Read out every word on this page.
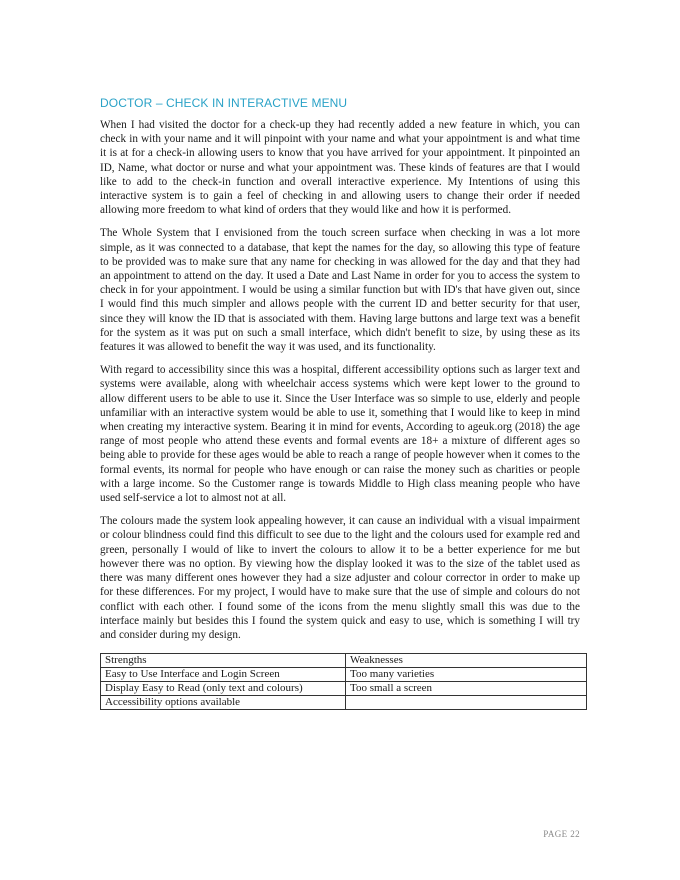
DOCTOR – CHECK IN INTERACTIVE MENU

When I had visited the doctor for a check-up they had recently added a new feature in which, you can check in with your name and it will pinpoint with your name and what your appointment is and what time it is at for a check-in allowing users to know that you have arrived for your appointment. It pinpointed an ID, Name, what doctor or nurse and what your appointment was. These kinds of features are that I would like to add to the check-in function and overall interactive experience. My Intentions of using this interactive system is to gain a feel of checking in and allowing users to change their order if needed allowing more freedom to what kind of orders that they would like and how it is performed.

The Whole System that I envisioned from the touch screen surface when checking in was a lot more simple, as it was connected to a database, that kept the names for the day, so allowing this type of feature to be provided was to make sure that any name for checking in was allowed for the day and that they had an appointment to attend on the day. It used a Date and Last Name in order for you to access the system to check in for your appointment. I would be using a similar function but with ID's that have given out, since I would find this much simpler and allows people with the current ID and better security for that user, since they will know the ID that is associated with them. Having large buttons and large text was a benefit for the system as it was put on such a small interface, which didn't benefit to size, by using these as its features it was allowed to benefit the way it was used, and its functionality.

With regard to accessibility since this was a hospital, different accessibility options such as larger text and systems were available, along with wheelchair access systems which were kept lower to the ground to allow different users to be able to use it. Since the User Interface was so simple to use, elderly and people unfamiliar with an interactive system would be able to use it, something that I would like to keep in mind when creating my interactive system. Bearing it in mind for events, According to ageuk.org (2018) the age range of most people who attend these events and formal events are 18+ a mixture of different ages so being able to provide for these ages would be able to reach a range of people however when it comes to the formal events, its normal for people who have enough or can raise the money such as charities or people with a large income. So the Customer range is towards Middle to High class meaning people who have used self-service a lot to almost not at all.

The colours made the system look appealing however, it can cause an individual with a visual impairment or colour blindness could find this difficult to see due to the light and the colours used for example red and green, personally I would of like to invert the colours to allow it to be a better experience for me but however there was no option. By viewing how the display looked it was to the size of the tablet used as there was many different ones however they had a size adjuster and colour corrector in order to make up for these differences. For my project, I would have to make sure that the use of simple and colours do not conflict with each other. I found some of the icons from the menu slightly small this was due to the interface mainly but besides this I found the system quick and easy to use, which is something I will try and consider during my design.

Strengths	Weaknesses
Easy to Use Interface and Login Screen	Too many varieties
Display Easy to Read (only text and colours)	Too small a screen
Accessibility options available	
PAGE 22
